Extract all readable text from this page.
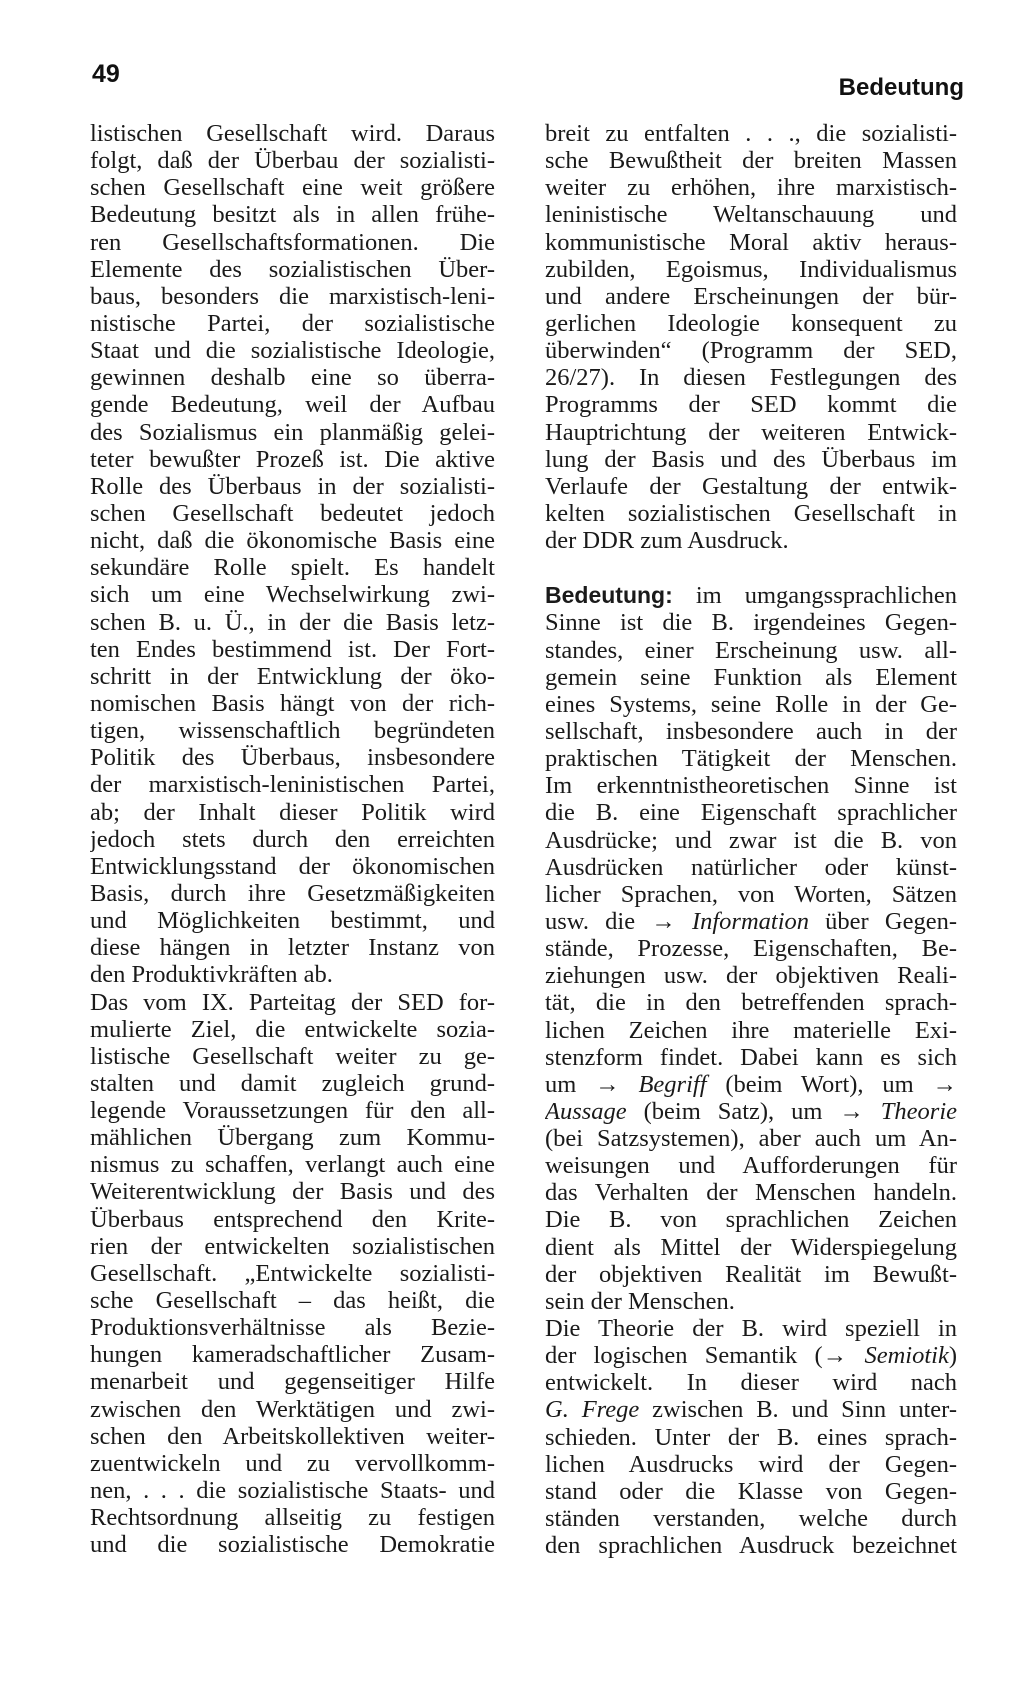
49	Bedeutung
listischen Gesellschaft wird. Daraus
folgt, daß der Überbau der sozialisti-
schen Gesellschaft eine weit größere
Bedeutung besitzt als in allen frühe-
ren Gesellschaftsformationen. Die
Elemente des sozialistischen Über-
baus, besonders die marxistisch-leni-
nistische Partei, der sozialistische
Staat und die sozialistische Ideologie,
gewinnen deshalb eine so überra-
gende Bedeutung, weil der Aufbau
des Sozialismus ein planmäßig gelei-
teter bewußter Prozeß ist. Die aktive
Rolle des Überbaus in der sozialisti-
schen Gesellschaft bedeutet jedoch
nicht, daß die ökonomische Basis eine
sekundäre Rolle spielt. Es handelt
sich um eine Wechselwirkung zwi-
schen B. u. Ü., in der die Basis letz-
ten Endes bestimmend ist. Der Fort-
schritt in der Entwicklung der öko-
nomischen Basis hängt von der rich-
tigen, wissenschaftlich begründeten
Politik des Überbaus, insbesondere
der marxistisch-leninistischen Partei,
ab; der Inhalt dieser Politik wird
jedoch stets durch den erreichten
Entwicklungsstand der ökonomischen
Basis, durch ihre Gesetzmäßigkeiten
und Möglichkeiten bestimmt, und
diese hängen in letzter Instanz von
den Produktivkräften ab.
Das vom IX. Parteitag der SED for-
mulierte Ziel, die entwickelte sozia-
listische Gesellschaft weiter zu ge-
stalten und damit zugleich grund-
legende Voraussetzungen für den all-
mählichen Übergang zum Kommu-
nismus zu schaffen, verlangt auch eine
Weiterentwicklung der Basis und des
Überbaus entsprechend den Krite-
rien der entwickelten sozialistischen
Gesellschaft. „Entwickelte sozialisti-
sche Gesellschaft – das heißt, die
Produktionsverhältnisse als Bezie-
hungen kameradschaftlicher Zusam-
menarbeit und gegenseitiger Hilfe
zwischen den Werktätigen und zwi-
schen den Arbeitskollektiven weiter-
zuentwickeln und zu vervollkomm-
nen, . . . die sozialistische Staats- und
Rechtsordnung allseitig zu festigen
und die sozialistische Demokratie
breit zu entfalten . . ., die sozialisti-
sche Bewußtheit der breiten Massen
weiter zu erhöhen, ihre marxistisch-
leninistische Weltanschauung und
kommunistische Moral aktiv heraus-
zubilden, Egoismus, Individualismus
und andere Erscheinungen der bür-
gerlichen Ideologie konsequent zu
überwinden“ (Programm der SED,
26/27). In diesen Festlegungen des
Programms der SED kommt die
Hauptrichtung der weiteren Entwick-
lung der Basis und des Überbaus im
Verlaufe der Gestaltung der entwik-
kelten sozialistischen Gesellschaft in
der DDR zum Ausdruck.
Bedeutung: im umgangssprachlichen
Sinne ist die B. irgendeines Gegen-
standes, einer Erscheinung usw. all-
gemein seine Funktion als Element
eines Systems, seine Rolle in der Ge-
sellschaft, insbesondere auch in der
praktischen Tätigkeit der Menschen.
Im erkenntnistheoretischen Sinne ist
die B. eine Eigenschaft sprachlicher
Ausdrücke; und zwar ist die B. von
Ausdrücken natürlicher oder künst-
licher Sprachen, von Worten, Sätzen
usw. die → Information über Gegen-
stände, Prozesse, Eigenschaften, Be-
ziehungen usw. der objektiven Reali-
tät, die in den betreffenden sprach-
lichen Zeichen ihre materielle Exi-
stenzform findet. Dabei kann es sich
um → Begriff (beim Wort), um →
Aussage (beim Satz), um → Theorie
(bei Satzsystemen), aber auch um An-
weisungen und Aufforderungen für
das Verhalten der Menschen handeln.
Die B. von sprachlichen Zeichen
dient als Mittel der Widerspiegelung
der objektiven Realität im Bewußt-
sein der Menschen.
Die Theorie der B. wird speziell in
der logischen Semantik (→ Semiotik)
entwickelt. In dieser wird nach
G. Frege zwischen B. und Sinn unter-
schieden. Unter der B. eines sprach-
lichen Ausdrucks wird der Gegen-
stand oder die Klasse von Gegen-
ständen verstanden, welche durch
den sprachlichen Ausdruck bezeichnet
